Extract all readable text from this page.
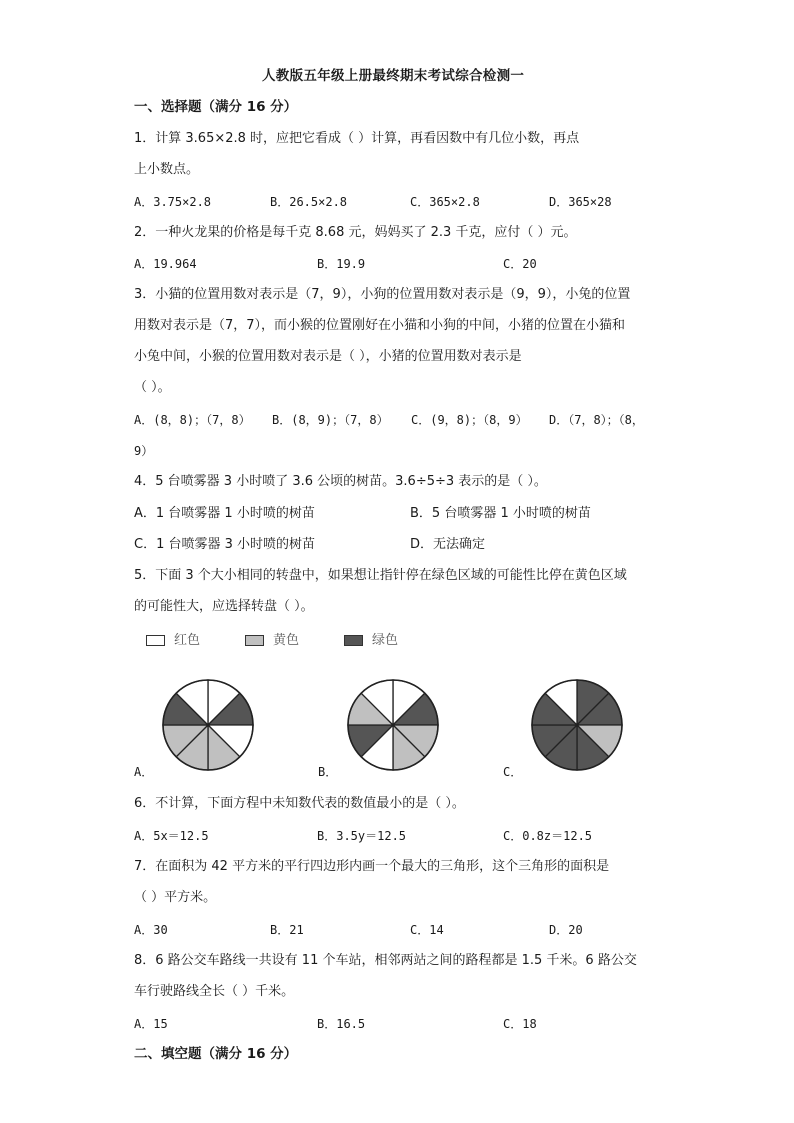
人教版五年级上册最终期末考试综合检测一
一、选择题（满分 16 分）
1．计算 3.65×2.8 时，应把它看成（ ）计算，再看因数中有几位小数，再点
上小数点。
A．3.75×2.8	B．26.5×2.8	C．365×2.8	D．365×28
2．一种火龙果的价格是每千克 8.68 元，妈妈买了 2.3 千克，应付（ ）元。
A．19.964	B．19.9	C．20
3．小猫的位置用数对表示是（7，9），小狗的位置用数对表示是（9，9），小兔的位置
用数对表示是（7，7），而小猴的位置刚好在小猫和小狗的中间，小猪的位置在小猫和
小兔中间，小猴的位置用数对表示是（ ），小猪的位置用数对表示是
（ ）。
A．(8，8)；（7，8） B．(8，9)；（7，8） C．(9，8)；（8，9） D．（7，8）；（8，
9）
4．5 台喷雾器 3 小时喷了 3.6 公顷的树苗。3.6÷5÷3 表示的是（ ）。
A．1 台喷雾器 1 小时喷的树苗	B．5 台喷雾器 1 小时喷的树苗
C．1 台喷雾器 3 小时喷的树苗	D．无法确定
5．下面 3 个大小相同的转盘中，如果想让指针停在绿色区域的可能性比停在黄色区域
的可能性大，应选择转盘（ ）。
红色	黄色	绿色
A．	B．	C．
6．不计算，下面方程中未知数代表的数值最小的是（ ）。
A．5x＝12.5	B．3.5y＝12.5	C．0.8z＝12.5
7．在面积为 42 平方米的平行四边形内画一个最大的三角形，这个三角形的面积是
（ ）平方米。
A．30	B．21	C．14	D．20
8．6 路公交车路线一共设有 11 个车站，相邻两站之间的路程都是 1.5 千米。6 路公交
车行驶路线全长（ ）千米。
A．15	B．16.5	C．18
二、填空题（满分 16 分）
